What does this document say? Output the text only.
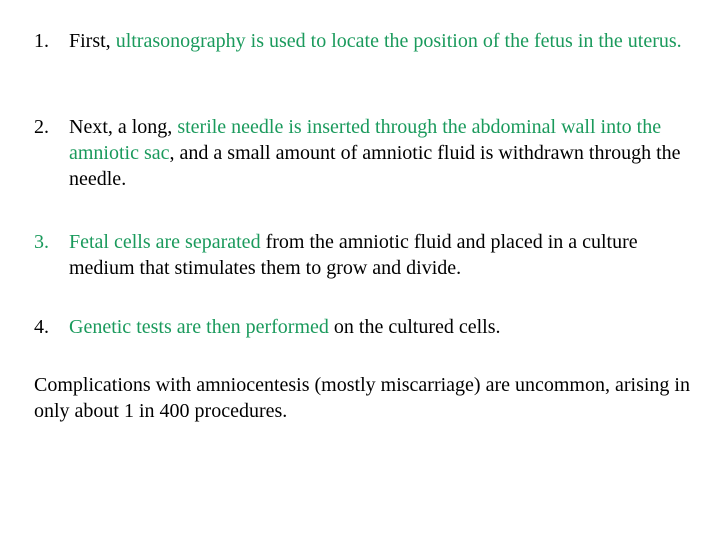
1.	First, ultrasonography is used to locate the position of the fetus in the uterus.
2.	Next, a long, sterile needle is inserted through the abdominal wall into the amniotic sac, and a small amount of amniotic fluid is withdrawn through the needle.
3.	Fetal cells are separated from the amniotic fluid and placed in a culture medium that stimulates them to grow and divide.
4.	Genetic tests are then performed on the cultured cells.
Complications with amniocentesis (mostly miscarriage) are uncommon, arising in only about 1 in 400 procedures.
